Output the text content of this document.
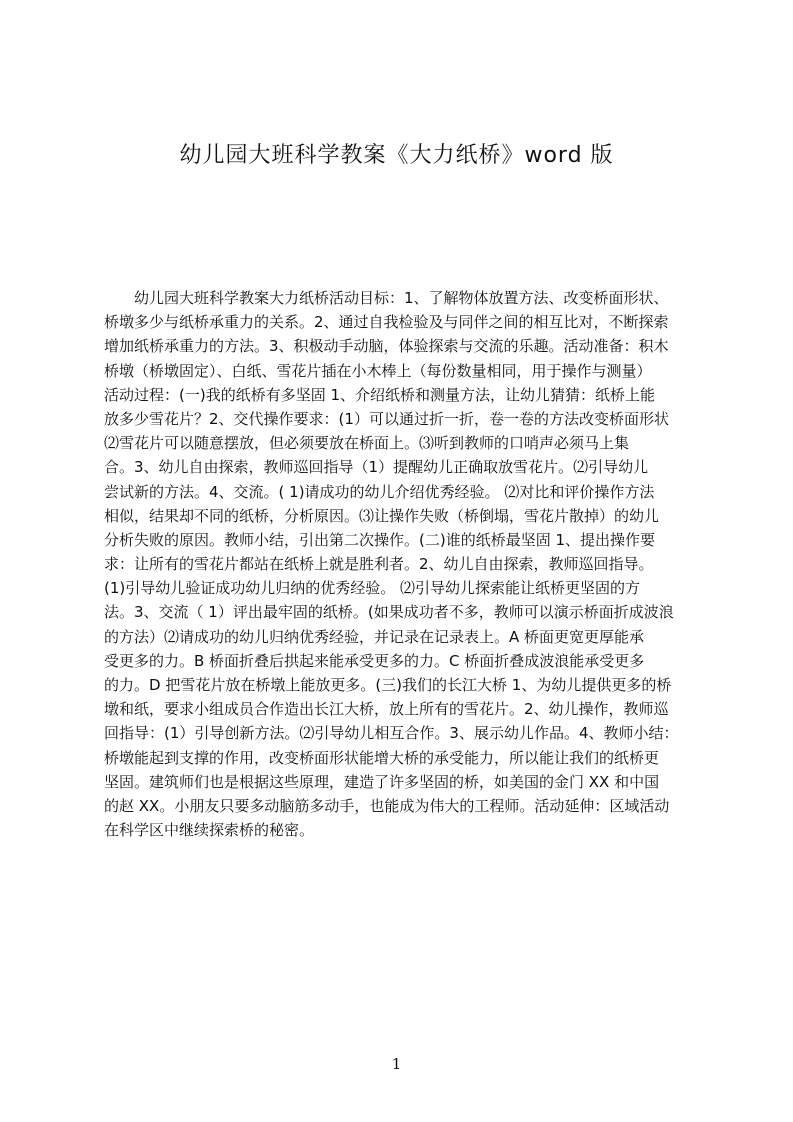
幼儿园大班科学教案《大力纸桥》word 版
　　幼儿园大班科学教案大力纸桥活动目标：1、了解物体放置方法、改变桥面形状、
桥墩多少与纸桥承重力的关系。2、通过自我检验及与同伴之间的相互比对，不断探索
增加纸桥承重力的方法。3、积极动手动脑，体验探索与交流的乐趣。活动准备：积木
桥墩（桥墩固定）、白纸、雪花片插在小木棒上（每份数量相同，用于操作与测量）
活动过程：(一)我的纸桥有多坚固 1、介绍纸桥和测量方法，让幼儿猜猜：纸桥上能
放多少雪花片？2、交代操作要求：(1）可以通过折一折，卷一卷的方法改变桥面形状
⑵雪花片可以随意摆放，但必须要放在桥面上。⑶听到教师的口哨声必须马上集
合。3、幼儿自由探索，教师巡回指导（1）提醒幼儿正确取放雪花片。⑵引导幼儿
尝试新的方法。4、交流。( 1)请成功的幼儿介绍优秀经验。 ⑵对比和评价操作方法
相似，结果却不同的纸桥，分析原因。⑶让操作失败（桥倒塌，雪花片散掉）的幼儿
分析失败的原因。教师小结，引出第二次操作。(二)谁的纸桥最坚固 1、提出操作要
求：让所有的雪花片都站在纸桥上就是胜利者。2、幼儿自由探索，教师巡回指导。
(1)引导幼儿验证成功幼儿归纳的优秀经验。 ⑵引导幼儿探索能让纸桥更坚固的方
法。3、交流（ 1）评出最牢固的纸桥。(如果成功者不多，教师可以演示桥面折成波浪
的方法）⑵请成功的幼儿归纳优秀经验，并记录在记录表上。A 桥面更宽更厚能承
受更多的力。B 桥面折叠后拱起来能承受更多的力。C 桥面折叠成波浪能承受更多
的力。D 把雪花片放在桥墩上能放更多。(三)我们的长江大桥 1、为幼儿提供更多的桥
墩和纸，要求小组成员合作造出长江大桥，放上所有的雪花片。2、幼儿操作，教师巡
回指导：(1）引导创新方法。⑵引导幼儿相互合作。3、展示幼儿作品。4、教师小结：
桥墩能起到支撑的作用，改变桥面形状能增大桥的承受能力，所以能让我们的纸桥更
坚固。建筑师们也是根据这些原理，建造了许多坚固的桥，如美国的金门 XX 和中国
的赵 XX。小朋友只要多动脑筋多动手，也能成为伟大的工程师。活动延伸：区域活动
在科学区中继续探索桥的秘密。
1
